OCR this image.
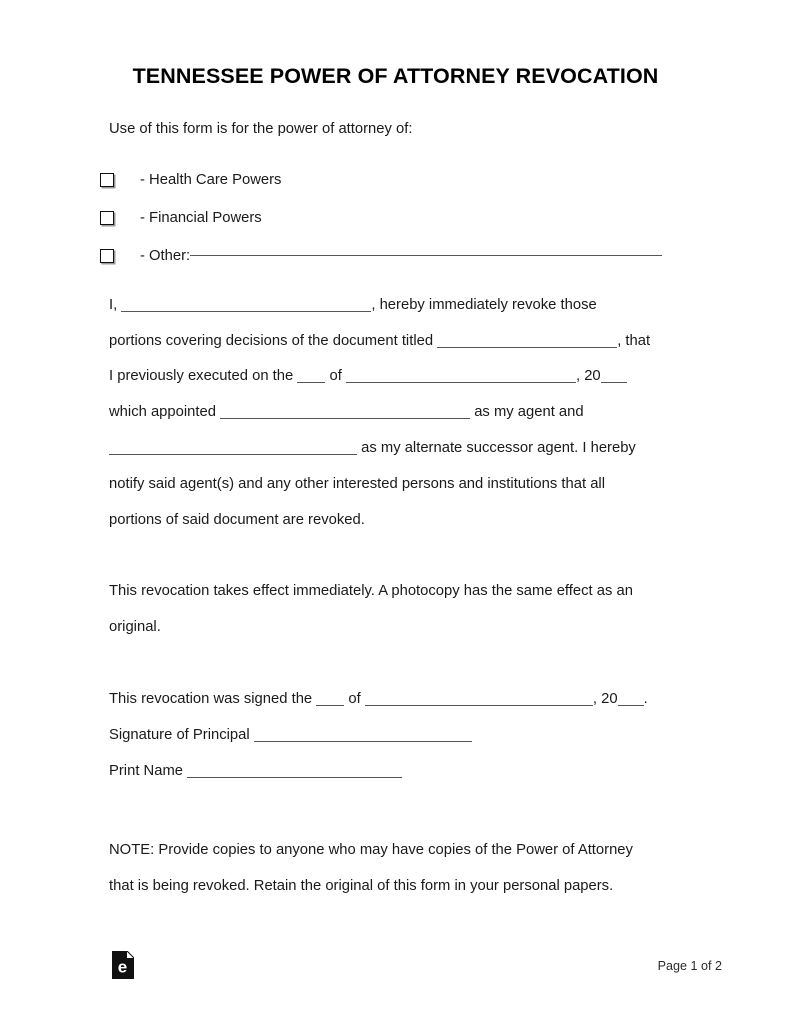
TENNESSEE POWER OF ATTORNEY REVOCATION
Use of this form is for the power of attorney of:
- Health Care Powers
- Financial Powers
- Other:
I,	, hereby immediately revoke those
portions covering decisions of the document titled	, that
I previously executed on the of	, 20
which appointed	as my agent and
as my alternate successor agent. I hereby
notify said agent(s) and any other interested persons and institutions that all
portions of said document are revoked.
This revocation takes effect immediately. A photocopy has the same effect as an
original.
This revocation was signed the of	, 20 .
Signature of Principal
Print Name
NOTE: Provide copies to anyone who may have copies of the Power of Attorney
that is being revoked. Retain the original of this form in your personal papers.
e	Page 1 of 2
